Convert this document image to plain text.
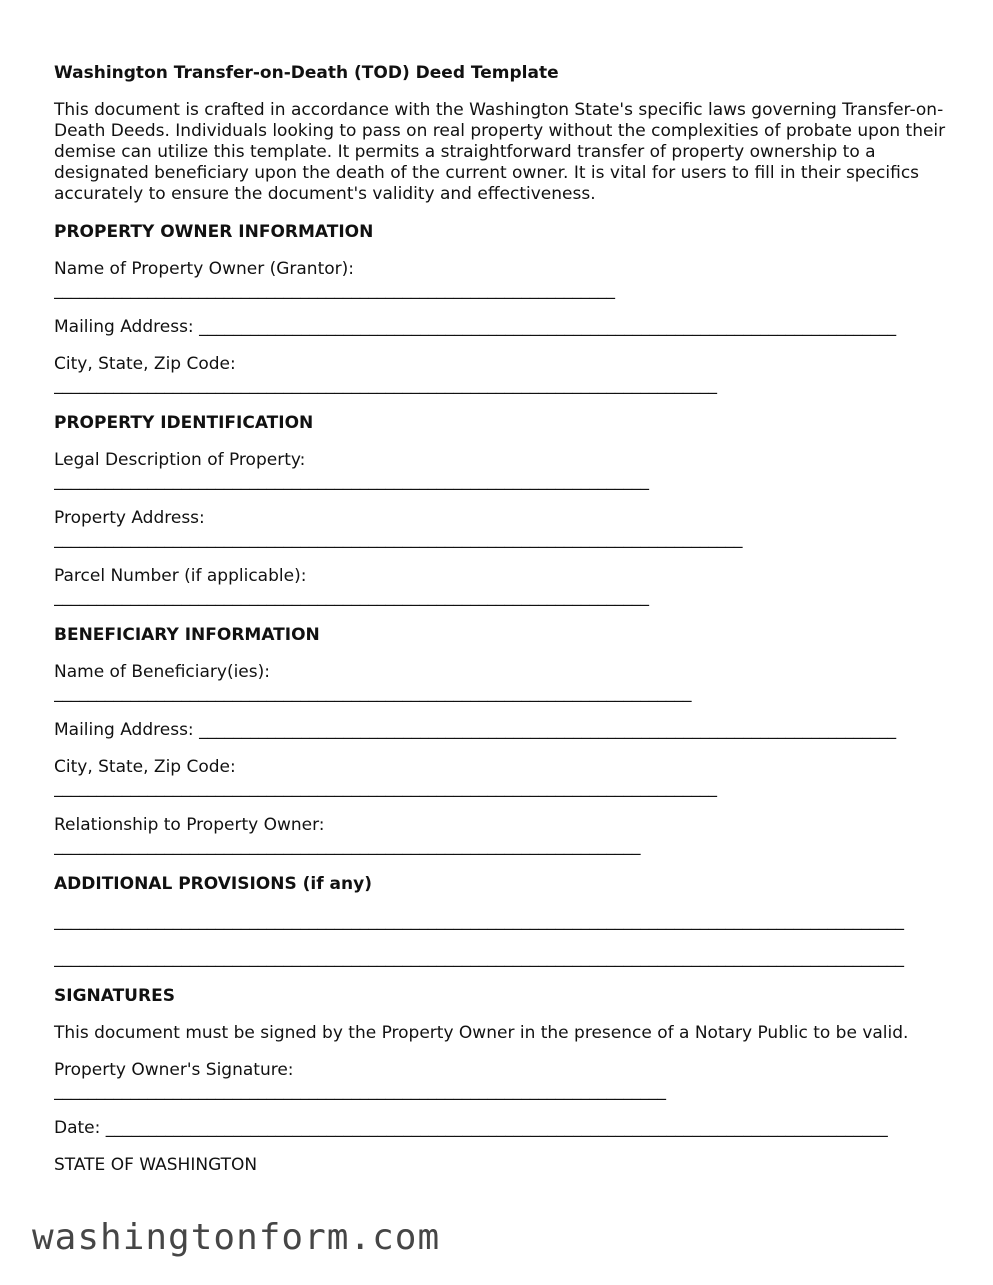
Washington Transfer-on-Death (TOD) Deed Template
This document is crafted in accordance with the Washington State's specific laws governing Transfer-on-Death Deeds. Individuals looking to pass on real property without the complexities of probate upon their demise can utilize this template. It permits a straightforward transfer of property ownership to a designated beneficiary upon the death of the current owner. It is vital for users to fill in their specifics accurately to ensure the document's validity and effectiveness.
PROPERTY OWNER INFORMATION
Name of Property Owner (Grantor):
__________________________________________________________________
Mailing Address: __________________________________________________________________________________
City, State, Zip Code:
______________________________________________________________________________
PROPERTY IDENTIFICATION
Legal Description of Property:
______________________________________________________________________
Property Address:
_________________________________________________________________________________
Parcel Number (if applicable):
______________________________________________________________________
BENEFICIARY INFORMATION
Name of Beneficiary(ies):
___________________________________________________________________________
Mailing Address: __________________________________________________________________________________
City, State, Zip Code:
______________________________________________________________________________
Relationship to Property Owner:
_____________________________________________________________________
ADDITIONAL PROVISIONS (if any)
____________________________________________________________________________________________________
____________________________________________________________________________________________________
SIGNATURES
This document must be signed by the Property Owner in the presence of a Notary Public to be valid.
Property Owner's Signature:
________________________________________________________________________
Date: ____________________________________________________________________________________________
STATE OF WASHINGTON
washingtonform.com
